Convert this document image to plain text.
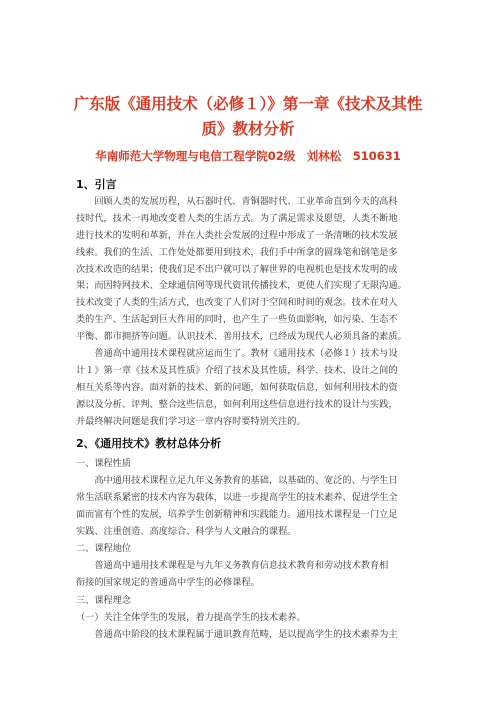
广东版《通用技术（必修１）》第一章《技术及其性
质》教材分析
华南师范大学物理与电信工程学院02级　刘林松　510631
1、引言
　　回顾人类的发展历程，从石器时代、青铜器时代、工业革命直到今天的高科
技时代，技术一再地改变着人类的生活方式。为了满足需求及愿望，人类不断地
进行技术的发明和革新，并在人类社会发展的过程中形成了一条清晰的技术发展
线索。我们的生活、工作处处都要用到技术，我们手中所拿的圆珠笔和钢笔是多
次技术改造的结果；使我们足不出户就可以了解世界的电视机也是技术发明的成
果；而因特网技术、全球通信网等现代资讯传播技术，更使人们实现了无限沟通。
技术改变了人类的生活方式，也改变了人们对于空间和时间的观念。技术在对人
类的生产、生活起到巨大作用的同时，也产生了一些负面影响，如污染、生态不
平衡、都市拥挤等问题。认识技术、善用技术，已经成为现代人必须具备的素质。
　　普通高中通用技术课程就应运而生了。教材《通用技术（必修１）技术与设
计１》第一章《技术及其性质》介绍了技术及其性质，科学、技术、设计之间的
相互关系等内容。面对新的技术、新的问题，如何获取信息，如何利用技术的资
源以及分析、评判、整合这些信息，如何利用这些信息进行技术的设计与实践，
并最终解决问题是我们学习这一章内容时要特别关注的。
2、《通用技术》教材总体分析
一、课程性质
　　高中通用技术课程立足九年义务教育的基础，以基础的、宽泛的、与学生日
常生活联系紧密的技术内容为载体，以进一步提高学生的技术素养、促进学生全
面而富有个性的发展，培养学生创新精神和实践能力。通用技术课程是一门立足
实践、注重创造、高度综合、科学与人文融合的课程。
二、课程地位
　　普通高中通用技术课程是与九年义务教育信息技术教育和劳动技术教育相
衔接的国家规定的普通高中学生的必修课程。
三、课程理念
（一）关注全体学生的发展，着力提高学生的技术素养。
　　普通高中阶段的技术课程属于通识教育范畴，是以提高学生的技术素养为主
